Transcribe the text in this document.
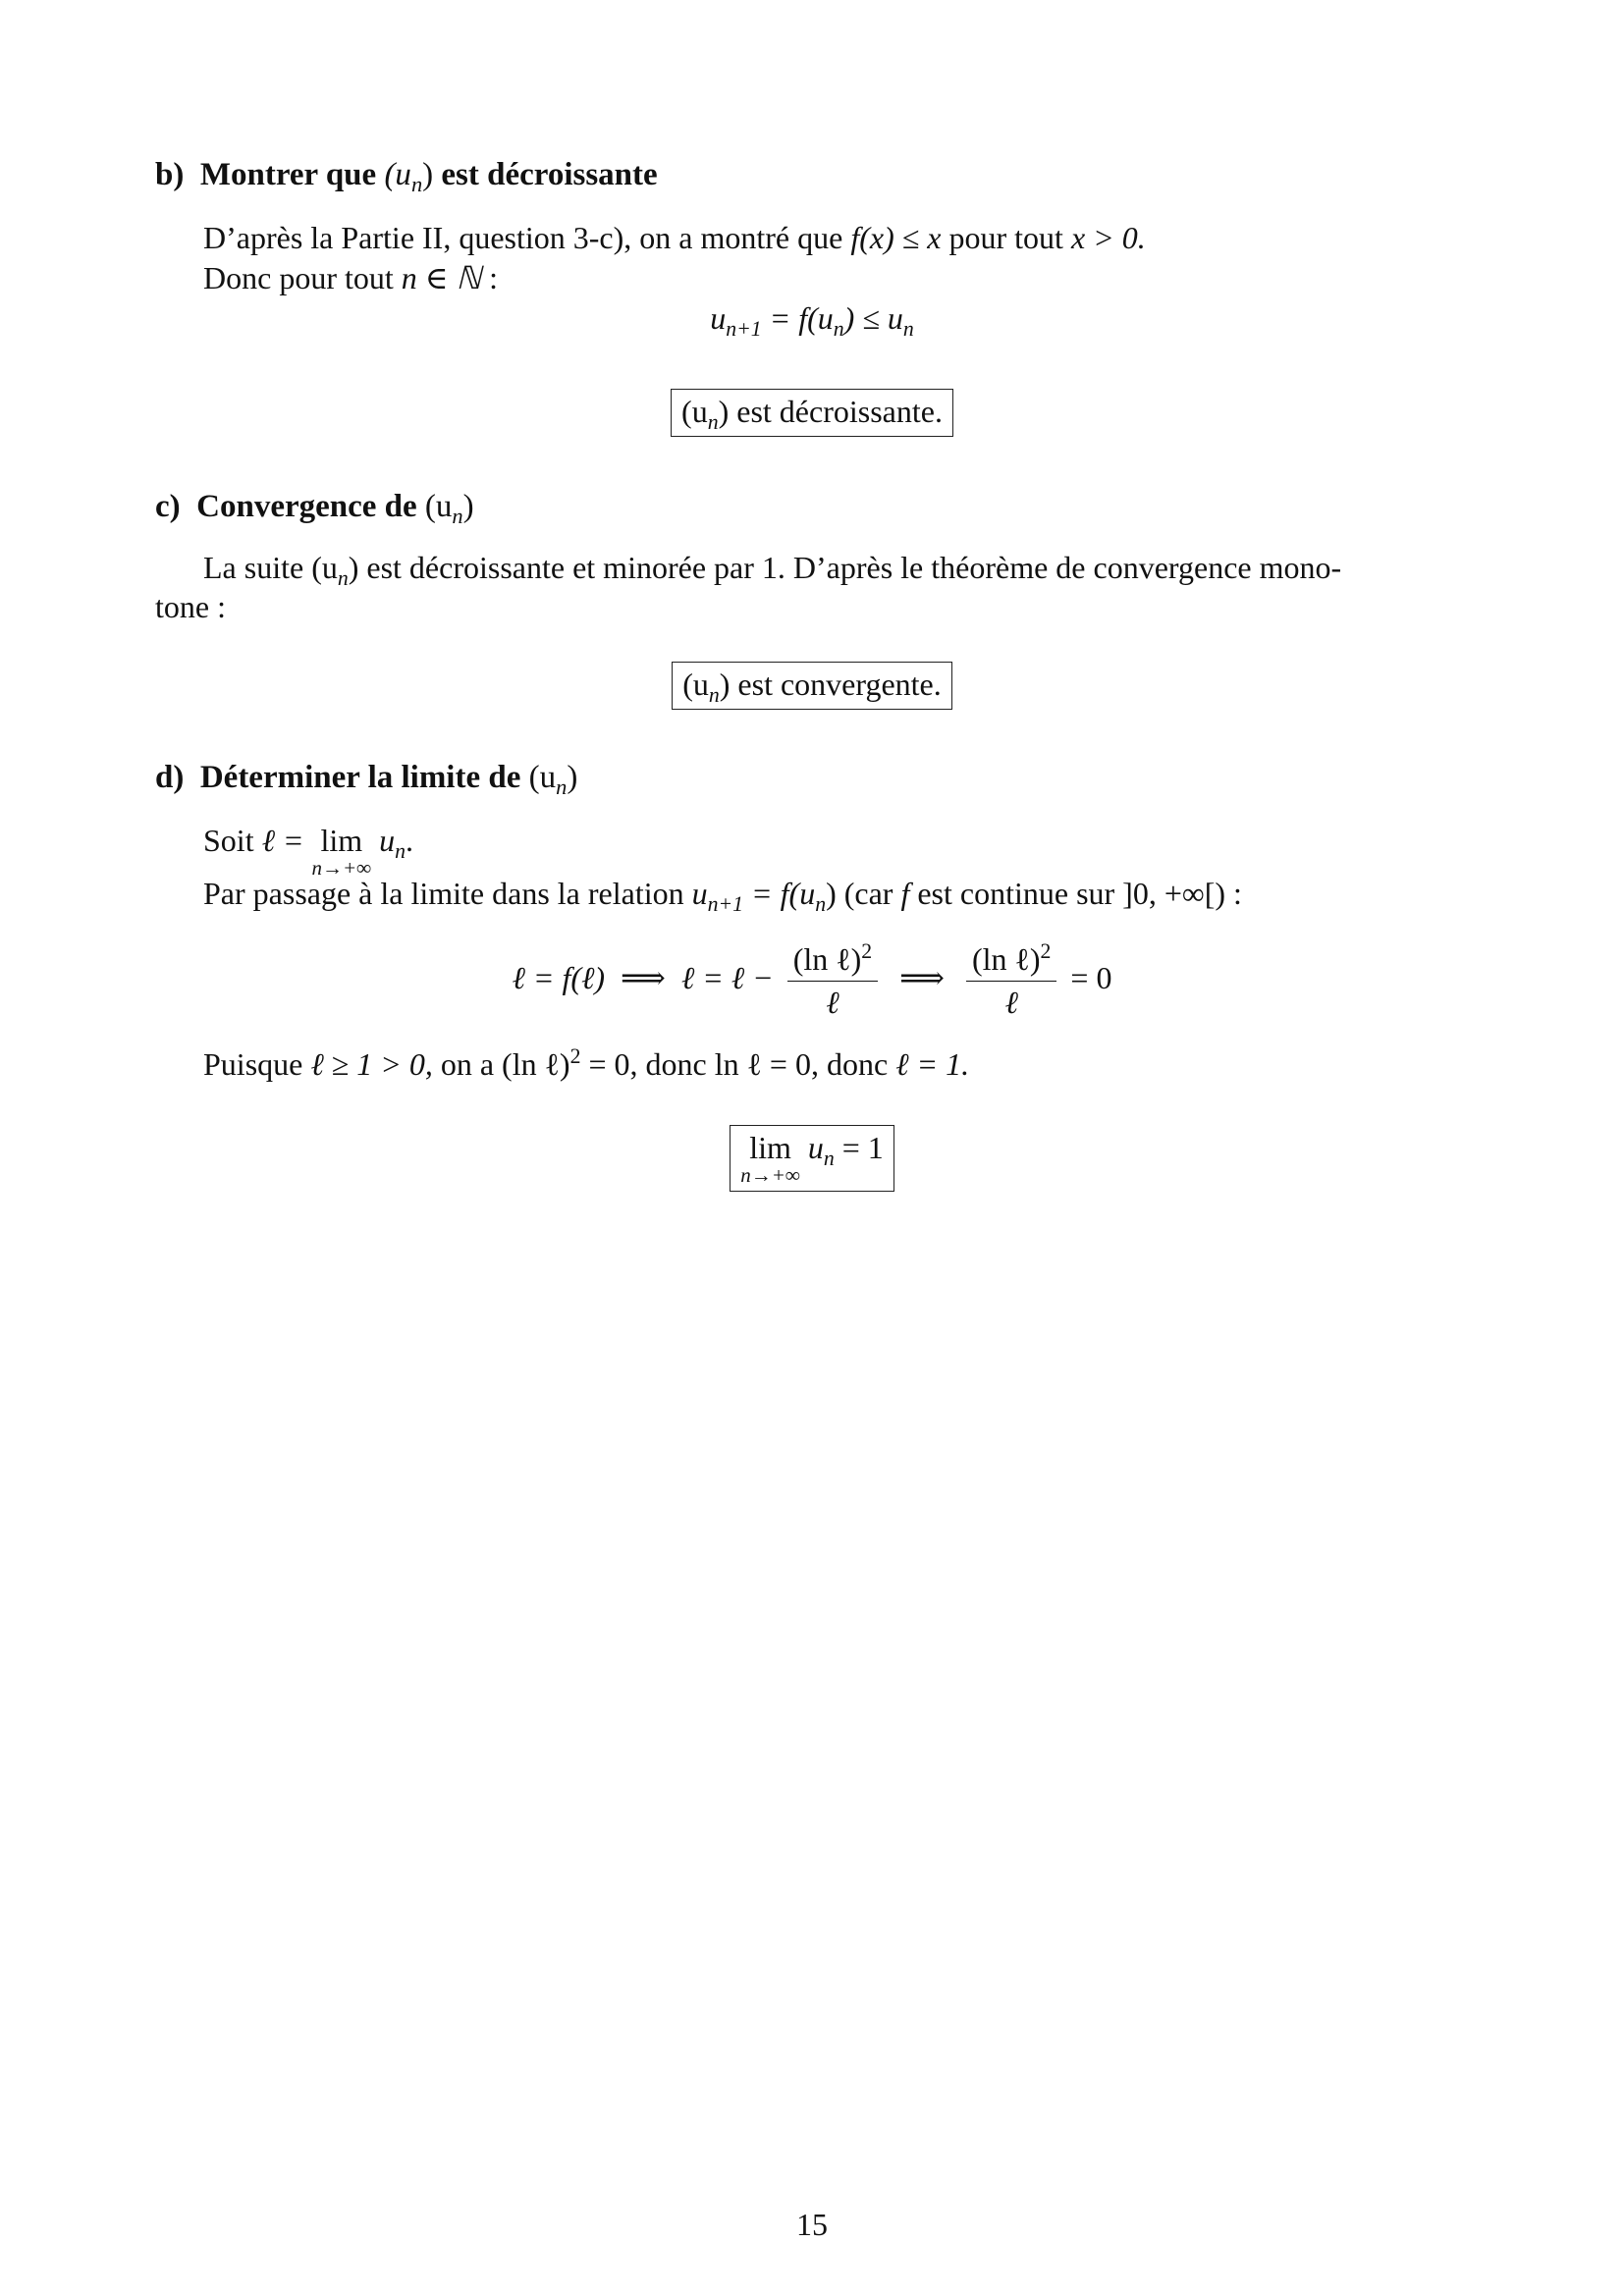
b) Montrer que $(u_n)$ est décroissante
D’après la Partie II, question 3-c), on a montré que f(x) ≤ x pour tout x > 0.
Donc pour tout n ∈ ℕ :
$u_{n+1} = f(u_n) \le u_n$
$(u_n)$ est décroissante.
c) Convergence de $(u_n)$
La suite $(u_n)$ est décroissante et minorée par 1. D’après le théorème de convergence mono-
tone :
$(u_n)$ est convergente.
d) Déterminer la limite de $(u_n)$
Soit ℓ = lim
n→+∞
$u_n$.
Par passage à la limite dans la relation $u_{n+1} = f(u_n)$ (car f est continue sur ]0, +∞[) :
ℓ = f(ℓ) ⟹ ℓ = ℓ − $\frac{(\ln \ell)^2}{\text{ℓ}}$ ⟹ $\frac{(\ln \ell)^2}{\text{ℓ}} = 0$
Puisque ℓ ≥ 1 > 0, on a (ln ℓ)$^2$ = 0, donc ln ℓ = 0, donc ℓ = 1.
lim
n→+∞
$u_n = 1$
15
